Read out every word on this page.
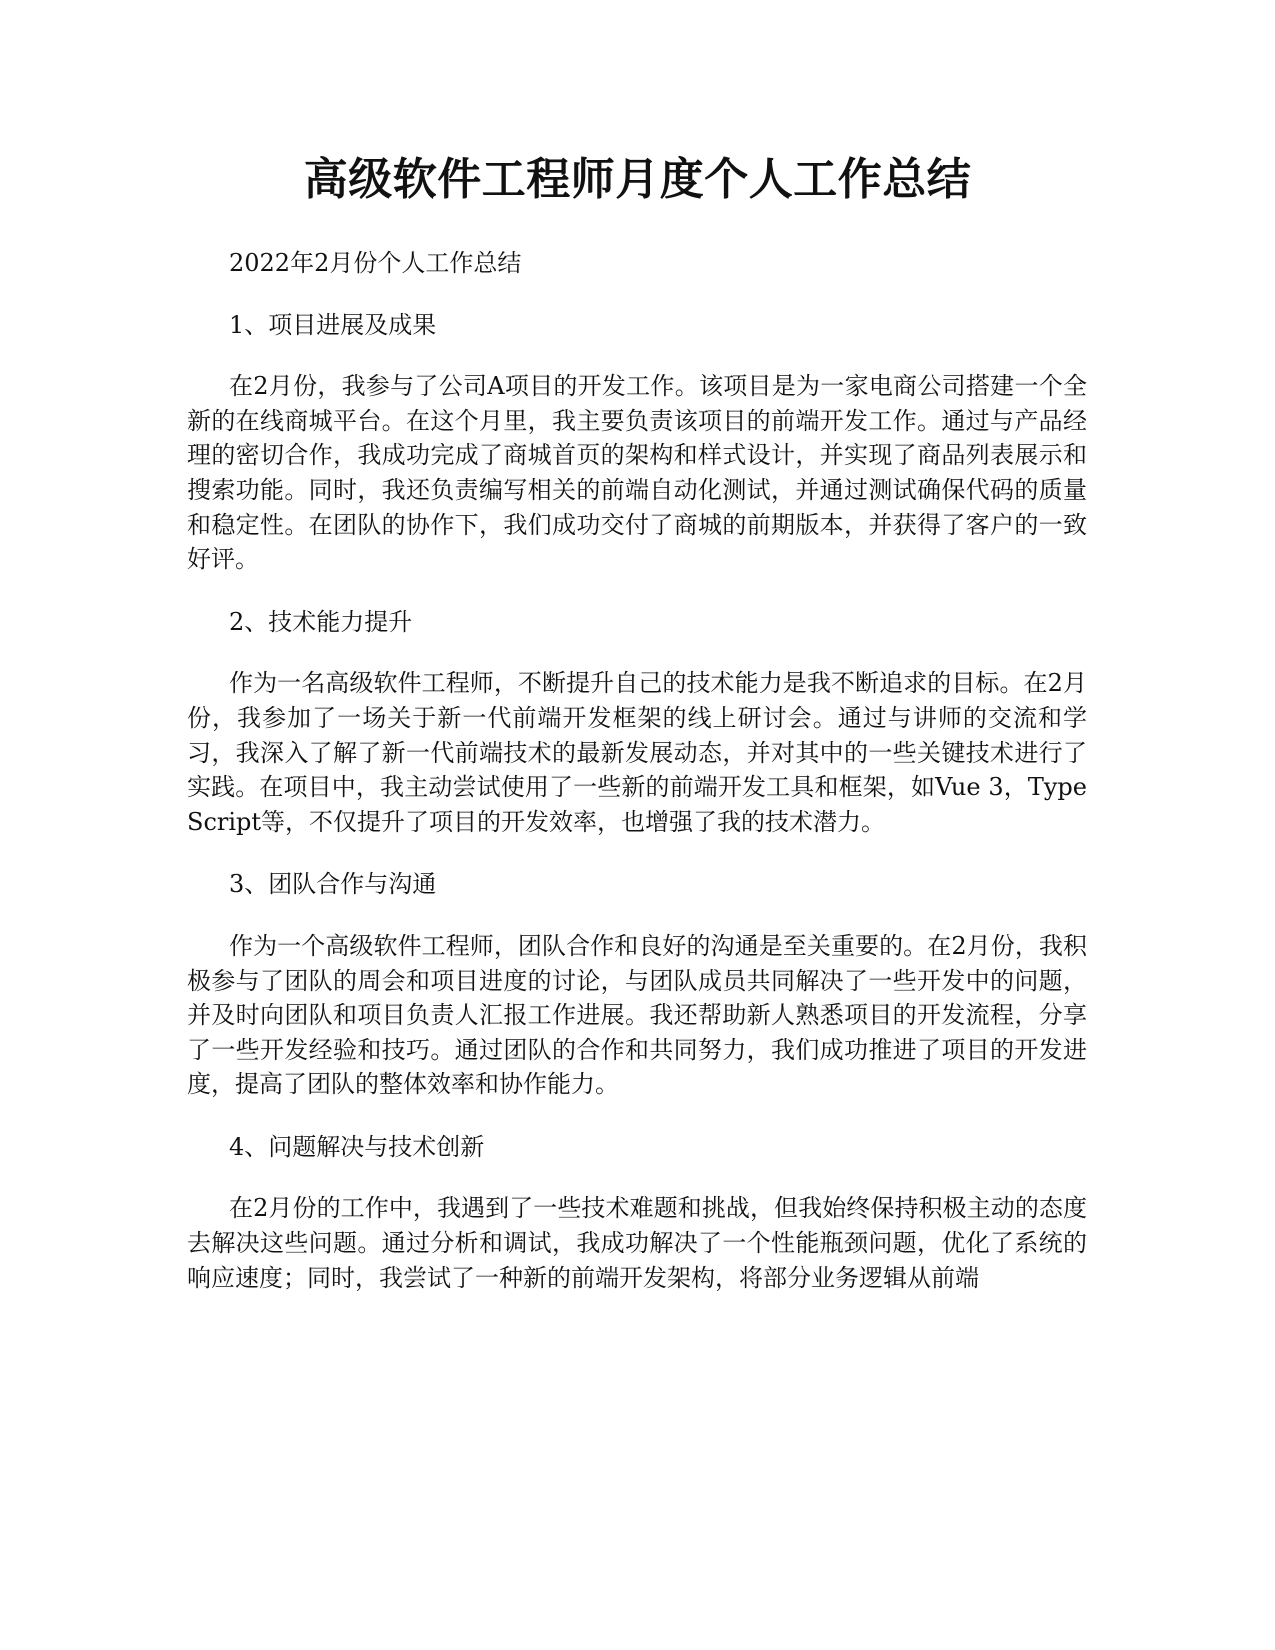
高级软件工程师月度个人工作总结

2022年2月份个人工作总结

1、项目进展及成果

在2月份，我参与了公司A项目的开发工作。该项目是为一家电商公司搭建一个全新的在线商城平台。在这个月里，我主要负责该项目的前端开发工作。通过与产品经理的密切合作，我成功完成了商城首页的架构和样式设计，并实现了商品列表展示和搜索功能。同时，我还负责编写相关的前端自动化测试，并通过测试确保代码的质量和稳定性。在团队的协作下，我们成功交付了商城的前期版本，并获得了客户的一致好评。

2、技术能力提升

作为一名高级软件工程师，不断提升自己的技术能力是我不断追求的目标。在2月份，我参加了一场关于新一代前端开发框架的线上研讨会。通过与讲师的交流和学习，我深入了解了新一代前端技术的最新发展动态，并对其中的一些关键技术进行了实践。在项目中，我主动尝试使用了一些新的前端开发工具和框架，如Vue 3，TypeScript等，不仅提升了项目的开发效率，也增强了我的技术潜力。

3、团队合作与沟通

作为一个高级软件工程师，团队合作和良好的沟通是至关重要的。在2月份，我积极参与了团队的周会和项目进度的讨论，与团队成员共同解决了一些开发中的问题，并及时向团队和项目负责人汇报工作进展。我还帮助新人熟悉项目的开发流程，分享了一些开发经验和技巧。通过团队的合作和共同努力，我们成功推进了项目的开发进度，提高了团队的整体效率和协作能力。

4、问题解决与技术创新

在2月份的工作中，我遇到了一些技术难题和挑战，但我始终保持积极主动的态度去解决这些问题。通过分析和调试，我成功解决了一个性能瓶颈问题，优化了系统的响应速度；同时，我尝试了一种新的前端开发架构，将部分业务逻辑从前端
